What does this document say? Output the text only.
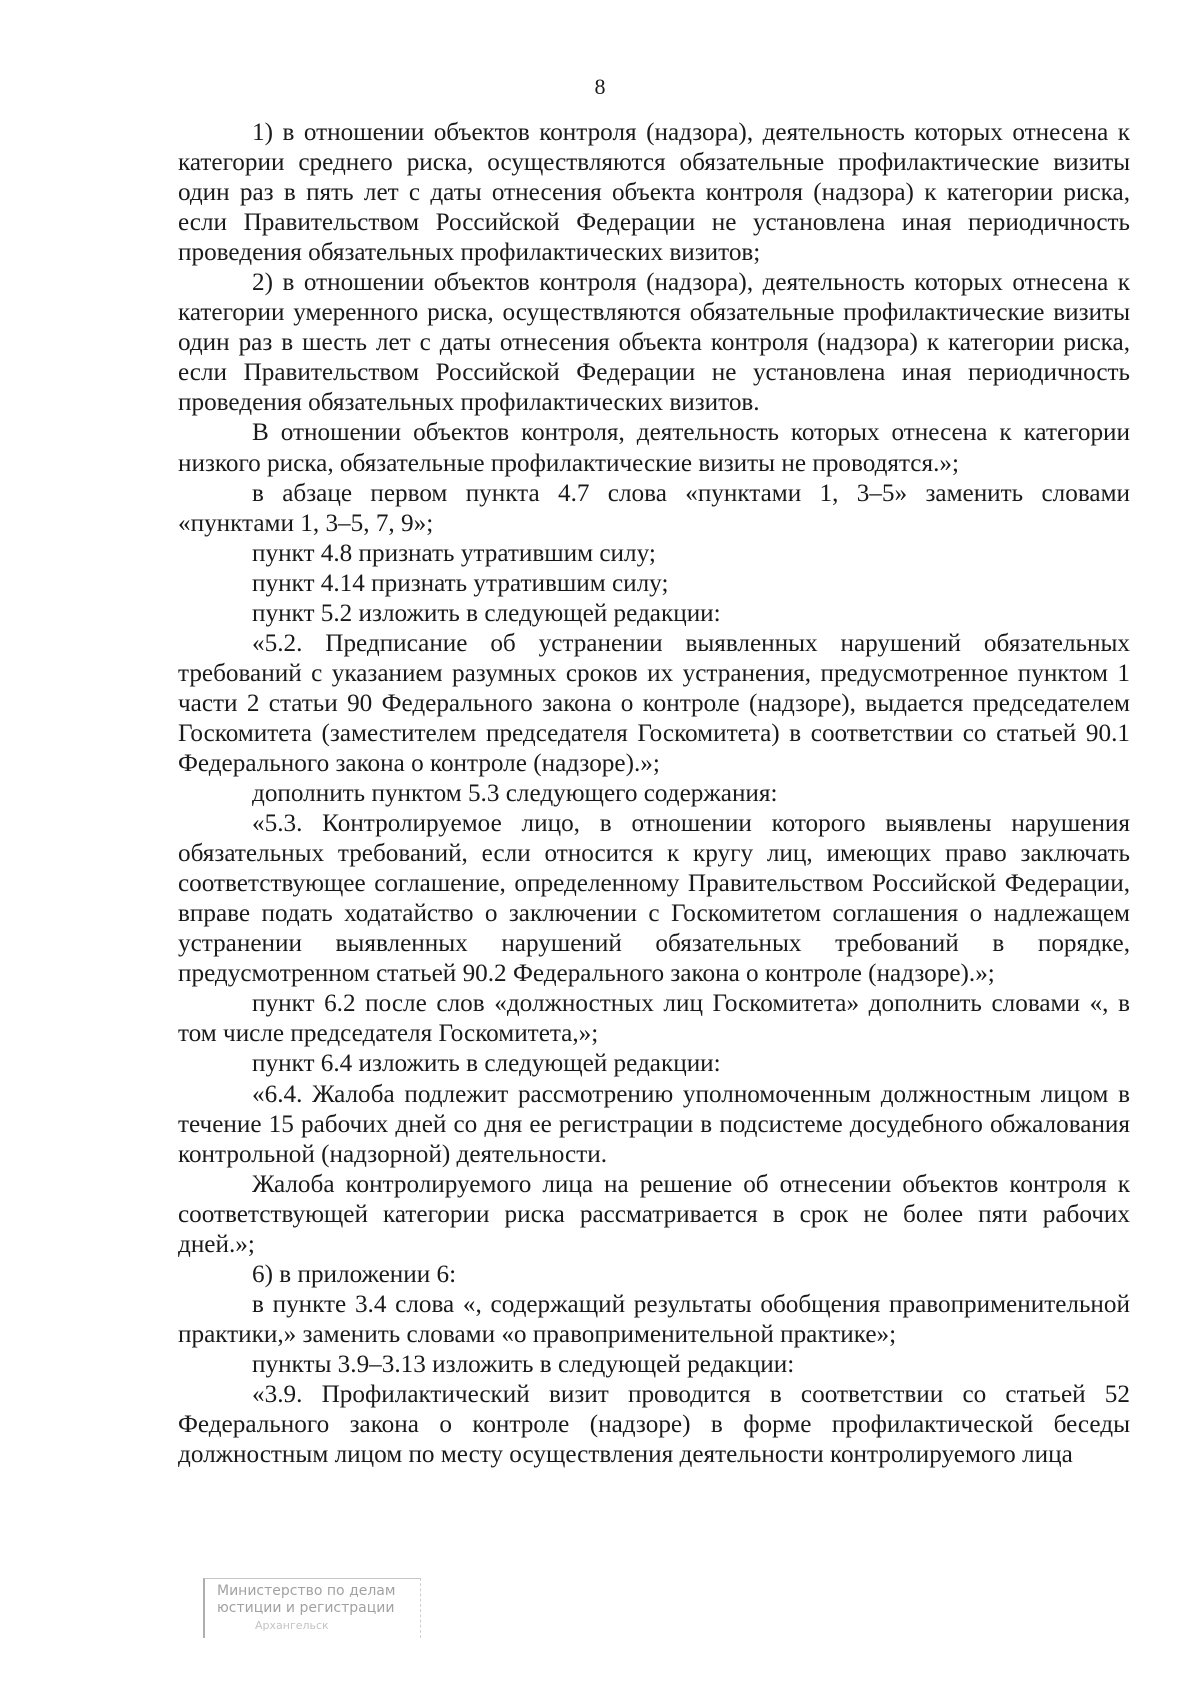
8

1) в отношении объектов контроля (надзора), деятельность которых отнесена к категории среднего риска, осуществляются обязательные профилактические визиты один раз в пять лет с даты отнесения объекта контроля (надзора) к категории риска, если Правительством Российской Федерации не установлена иная периодичность проведения обязательных профилактических визитов;

2) в отношении объектов контроля (надзора), деятельность которых отнесена к категории умеренного риска, осуществляются обязательные профилактические визиты один раз в шесть лет с даты отнесения объекта контроля (надзора) к категории риска, если Правительством Российской Федерации не установлена иная периодичность проведения обязательных профилактических визитов.

В отношении объектов контроля, деятельность которых отнесена к категории низкого риска, обязательные профилактические визиты не проводятся.»;

в абзаце первом пункта 4.7 слова «пунктами 1, 3–5» заменить словами «пунктами 1, 3–5, 7, 9»;

пункт 4.8 признать утратившим силу;

пункт 4.14 признать утратившим силу;

пункт 5.2 изложить в следующей редакции:

«5.2. Предписание об устранении выявленных нарушений обязательных требований с указанием разумных сроков их устранения, предусмотренное пунктом 1 части 2 статьи 90 Федерального закона о контроле (надзоре), выдается председателем Госкомитета (заместителем председателя Госкомитета) в соответствии со статьей 90.1 Федерального закона о контроле (надзоре).»;

дополнить пунктом 5.3 следующего содержания:

«5.3. Контролируемое лицо, в отношении которого выявлены нарушения обязательных требований, если относится к кругу лиц, имеющих право заключать соответствующее соглашение, определенному Правительством Российской Федерации, вправе подать ходатайство о заключении с Госкомитетом соглашения о надлежащем устранении выявленных нарушений обязательных требований в порядке, предусмотренном статьей 90.2 Федерального закона о контроле (надзоре).»;

пункт 6.2 после слов «должностных лиц Госкомитета» дополнить словами «, в том числе председателя Госкомитета,»;

пункт 6.4 изложить в следующей редакции:

«6.4. Жалоба подлежит рассмотрению уполномоченным должностным лицом в течение 15 рабочих дней со дня ее регистрации в подсистеме досудебного обжалования контрольной (надзорной) деятельности.

Жалоба контролируемого лица на решение об отнесении объектов контроля к соответствующей категории риска рассматривается в срок не более пяти рабочих дней.»;

6) в приложении 6:

в пункте 3.4 слова «, содержащий результаты обобщения правоприменительной практики,» заменить словами «о правоприменительной практике»;

пункты 3.9–3.13 изложить в следующей редакции:

«3.9. Профилактический визит проводится в соответствии со статьей 52 Федерального закона о контроле (надзоре) в форме профилактической беседы должностным лицом по месту осуществления деятельности контролируемого лица

Министерство по делам
юстиции и регистрации
Архангельск
